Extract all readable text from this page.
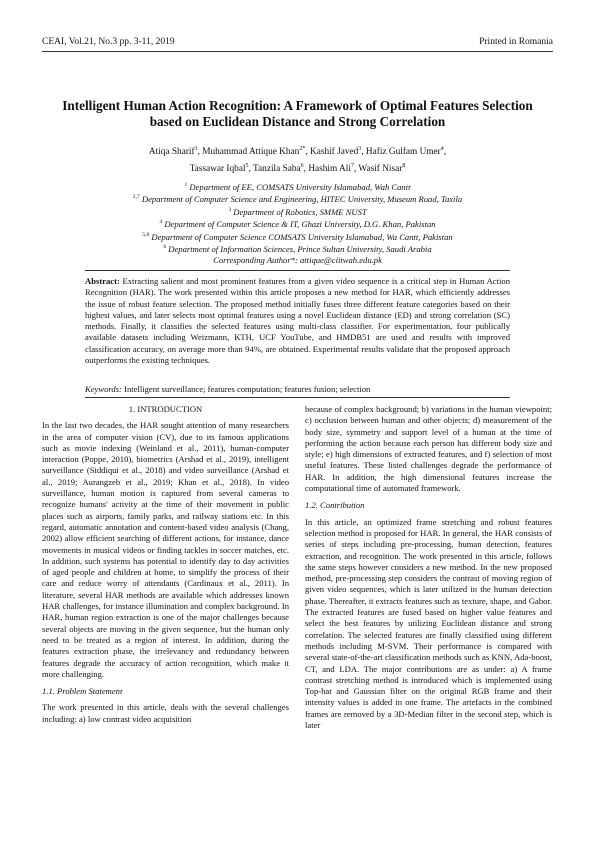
CEAI, Vol.21, No.3 pp. 3-11, 2019	Printed in Romania
Intelligent Human Action Recognition: A Framework of Optimal Features Selection
based on Euclidean Distance and Strong Correlation
Atiqa Sharif$^1$, Muhammad Attique Khan$^{2*}$, Kashif Javed$^3$, Hafiz Gulfam Umer$^4$,
Tassawar Iqbal$^5$, Tanzila Saba$^6$, Hashim Ali$^7$, Wasif Nisar$^8$
$^1$ Department of EE, COMSATS University Islamabad, Wah Cantt
$^{2,7}$ Department of Computer Science and Engineering, HITEC University, Museum Road, Taxila
$^3$ Department of Robotics, SMME NUST
$^4$ Department of Computer Science & IT, Ghazi University, D.G. Khan, Pakistan
$^{5,8}$ Department of Computer Science COMSATS University Islamabad, Wa Cantt, Pakistan
$^6$ Department of Information Sciences, Prince Sultan University, Saudi Arabia
Corresponding Author*: attique@ciitwah.edu.pk
Abstract: Extracting salient and most prominent features from a given video sequence is a critical step in Human Action Recognition (HAR). The work presented within this article proposes a new method for HAR, which efficiently addresses the issue of robust feature selection. The proposed method initially fuses three different feature categories based on their highest values, and later selects most optimal features using a novel Euclidean distance (ED) and strong correlation (SC) methods. Finally, it classifies the selected features using multi-class classifier. For experimentation, four publically available datasets including Weizmann, KTH, UCF YouTube, and HMDB51 are used and results with improved classification accuracy, on average more than 94%, are obtained. Experimental results validate that the proposed approach outperforms the existing techniques.
Keywords: Intelligent surveillance; features computation; features fusion; selection

1. INTRODUCTION

In the last two decades, the HAR sought attention of many researchers in the area of computer vision (CV), due to its famous applications such as movie indexing (Weinland et al., 2011), human-computer interaction (Poppe, 2010), biometrics (Arshad et al., 2019), intelligent surveillance (Siddiqui et al., 2018) and video surveillance (Arshad et al., 2019; Aurangzeb et al., 2019; Khan et al., 2018). In video surveillance, human motion is captured from several cameras to recognize humans' activity at the time of their movement in public places such as airports, family parks, and railway stations etc. In this regard, automatic annotation and content-based video analysis (Chang, 2002) allow efficient searching of different actions, for instance, dance movements in musical videos or finding tackles in soccer matches, etc. In addition, such systems has potential to identify day to day activities of aged people and children at home, to simplify the process of their care and reduce worry of attendants (Cardinaux et al., 2011). In literature, several HAR methods are available which addresses known HAR challenges, for instance illumination and complex background. In HAR, human region extraction is one of the major challenges because several objects are moving in the given sequence, but the human only need to be treated as a region of interest. In addition, during the features extraction phase, the irrelevancy and redundancy between features degrade the accuracy of action recognition, which make it more challenging.

1.1. Problem Statement

The work presented in this article, deals with the several challenges including: a) low contrast video acquisition

because of complex background; b) variations in the human viewpoint; c) occlusion between human and other objects; d) measurement of the body size, symmetry and support level of a human at the time of performing the action because each person has different body size and style; e) high dimensions of extracted features, and f) selection of most useful features. These listed challenges degrade the performance of HAR. In addition, the high dimensional features increase the computational time of automated framework.

1.2. Contribution

In this article, an optimized frame stretching and robust features selection method is proposed for HAR. In general, the HAR consists of series of steps including pre-processing, human detection, features extraction, and recognition. The work presented in this article, follows the same steps however considers a new method. In the new proposed method, pre-processing step considers the contrast of moving region of given video sequences, which is later utilized in the human detection phase. Thereafter, it extracts features such as texture, shape, and Gabor. The extracted features are fused based on higher value features and select the best features by utilizing Euclidean distance and strong correlation. The selected features are finally classified using different methods including M-SVM. Their performance is compared with several state-of-the-art classification methods such as KNN, Ada-boost, CT, and LDA. The major contributions are as under: a) A frame contrast stretching method is introduced which is implemented using Top-hat and Gaussian filter on the original RGB frame and their intensity values is added in one frame. The artefacts in the combined frames are removed by a 3D-Median filter in the second step, which is later
